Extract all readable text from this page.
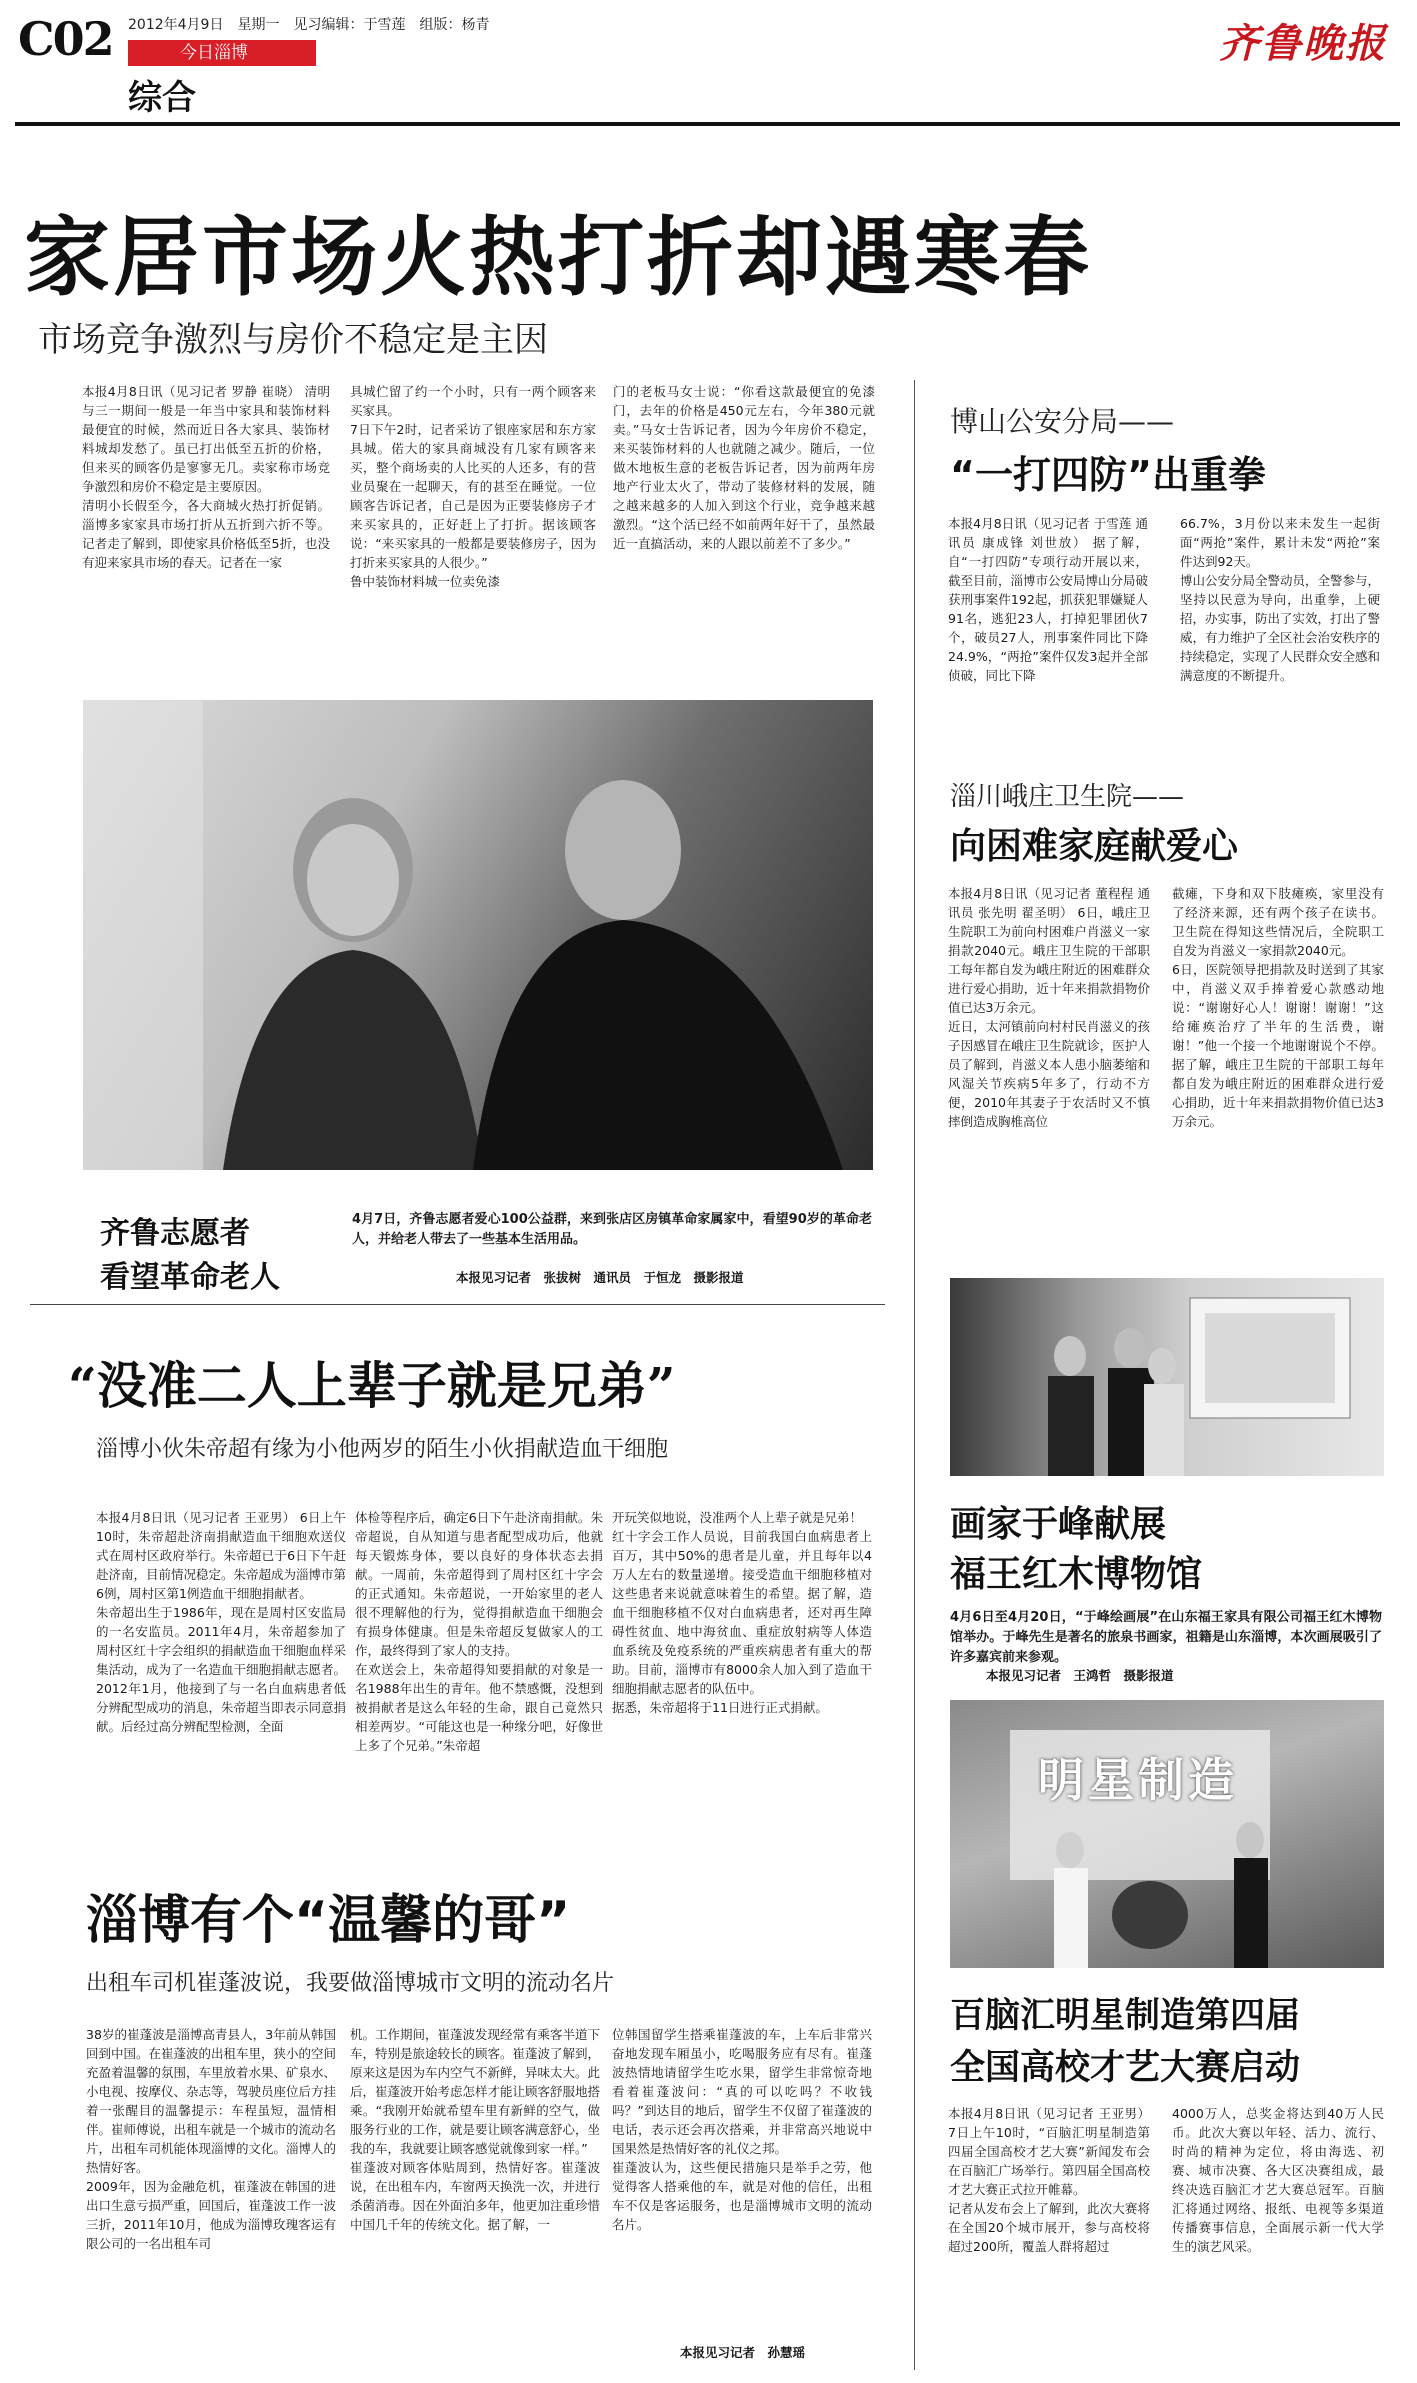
C02 2012年4月9日　星期一　见习编辑：于雪莲　组版：杨青
今日淄博
综合
齐鲁晚报
家居市场火热打折却遇寒春
市场竞争激烈与房价不稳定是主因

本报4月8日讯（见习记者 罗静 崔晓） 清明与三一期间一般是一年当中家具和装饰材料最便宜的时候，然而近日各大家具、装饰材料城却发愁了。虽已打出低至五折的价格，但来买的顾客仍是寥寥无几。卖家称市场竞争激烈和房价不稳定是主要原因。
清明小长假至今，各大商城火热打折促销。淄博多家家具市场打折从五折到六折不等。记者走了解到，即使家具价格低至5折，也没有迎来家具市场的春天。记者在一家

具城伫留了约一个小时，只有一两个顾客来买家具。
7日下午2时，记者采访了银座家居和东方家具城。偌大的家具商城没有几家有顾客来买，整个商场卖的人比买的人还多，有的营业员聚在一起聊天，有的甚至在睡觉。一位顾客告诉记者，自己是因为正要装修房子才来买家具的，正好赶上了打折。据该顾客说：“来买家具的一般都是要装修房子，因为打折来买家具的人很少。”
鲁中装饰材料城一位卖免漆

门的老板马女士说：“你看这款最便宜的免漆门，去年的价格是450元左右，今年380元就卖。”马女士告诉记者，因为今年房价不稳定，来买装饰材料的人也就随之减少。随后，一位做木地板生意的老板告诉记者，因为前两年房地产行业太火了，带动了装修材料的发展，随之越来越多的人加入到这个行业，竞争越来越激烈。“这个活已经不如前两年好干了，虽然最近一直搞活动，来的人跟以前差不了多少。”

齐鲁志愿者
看望革命老人
4月7日，齐鲁志愿者爱心100公益群，来到张店区房镇革命家属家中，看望90岁的革命老人，并给老人带去了一些基本生活用品。
本报见习记者　张拔树　通讯员　于恒龙　摄影报道
“没准二人上辈子就是兄弟”
淄博小伙朱帝超有缘为小他两岁的陌生小伙捐献造血干细胞

本报4月8日讯（见习记者 王亚男） 6日上午10时，朱帝超赴济南捐献造血干细胞欢送仪式在周村区政府举行。朱帝超已于6日下午赶赴济南，目前情况稳定。朱帝超成为淄博市第6例，周村区第1例造血干细胞捐献者。
朱帝超出生于1986年，现在是周村区安监局的一名安监员。2011年4月，朱帝超参加了周村区红十字会组织的捐献造血干细胞血样采集活动，成为了一名造血干细胞捐献志愿者。2012年1月，他接到了与一名白血病患者低分辨配型成功的消息，朱帝超当即表示同意捐献。后经过高分辨配型检测，全面

体检等程序后，确定6日下午赴济南捐献。朱帝超说，自从知道与患者配型成功后，他就每天锻炼身体，要以良好的身体状态去捐献。一周前，朱帝超得到了周村区红十字会的正式通知。朱帝超说，一开始家里的老人很不理解他的行为，觉得捐献造血干细胞会有损身体健康。但是朱帝超反复做家人的工作，最终得到了家人的支持。
在欢送会上，朱帝超得知要捐献的对象是一名1988年出生的青年。他不禁感慨，没想到被捐献者是这么年轻的生命，跟自己竟然只相差两岁。“可能这也是一种缘分吧，好像世上多了个兄弟。”朱帝超

开玩笑似地说，没准两个人上辈子就是兄弟！
红十字会工作人员说，目前我国白血病患者上百万，其中50%的患者是儿童，并且每年以4万人左右的数量递增。接受造血干细胞移植对这些患者来说就意味着生的希望。据了解，造血干细胞移植不仅对白血病患者，还对再生障碍性贫血、地中海贫血、重症放射病等人体造血系统及免疫系统的严重疾病患者有重大的帮助。目前，淄博市有8000余人加入到了造血干细胞捐献志愿者的队伍中。
据悉，朱帝超将于11日进行正式捐献。

淄博有个“温馨的哥”
出租车司机崔蓬波说，我要做淄博城市文明的流动名片

38岁的崔蓬波是淄博高青县人，3年前从韩国回到中国。在崔蓬波的出租车里，狭小的空间充盈着温馨的氛围，车里放着水果、矿泉水、小电视、按摩仪、杂志等，驾驶员座位后方挂着一张醒目的温馨提示：车程虽短，温情相伴。崔师傅说，出租车就是一个城市的流动名片，出租车司机能体现淄博的文化。淄博人的热情好客。
2009年，因为金融危机，崔蓬波在韩国的进出口生意亏损严重，回国后，崔蓬波工作一波三折，2011年10月，他成为淄博玫瑰客运有限公司的一名出租车司

机。工作期间，崔蓬波发现经常有乘客半道下车，特别是旅途较长的顾客。崔蓬波了解到，原来这是因为车内空气不新鲜，异味太大。此后，崔蓬波开始考虑怎样才能让顾客舒服地搭乘。“我刚开始就希望车里有新鲜的空气，做服务行业的工作，就是要让顾客满意舒心，坐我的车，我就要让顾客感觉就像到家一样。”
崔蓬波对顾客体贴周到，热情好客。崔蓬波说，在出租车内，车窗两天换洗一次，并进行杀菌消毒。因在外面泊多年，他更加注重珍惜中国几千年的传统文化。据了解，一

位韩国留学生搭乘崔蓬波的车，上车后非常兴奋地发现车厢虽小，吃喝服务应有尽有。崔蓬波热情地请留学生吃水果，留学生非常惊奇地看着崔蓬波问：“真的可以吃吗？不收钱吗？”到达目的地后，留学生不仅留了崔蓬波的电话，表示还会再次搭乘，并非常高兴地说中国果然是热情好客的礼仪之邦。
崔蓬波认为，这些便民措施只是举手之劳，他觉得客人搭乘他的车，就是对他的信任，出租车不仅是客运服务，也是淄博城市文明的流动名片。

本报见习记者　孙慧瑶
博山公安分局——
“一打四防”出重拳

本报4月8日讯（见习记者 于雪莲 通讯员 康成锋 刘世放） 据了解，自“一打四防”专项行动开展以来，截至目前，淄博市公安局博山分局破获刑事案件192起，抓获犯罪嫌疑人91名，逃犯23人，打掉犯罪团伙7个，破员27人，刑事案件同比下降24.9%，“两抢”案件仅发3起并全部侦破，同比下降

66.7%，3月份以来未发生一起街面“两抢”案件，累计未发“两抢”案件达到92天。
博山公安分局全警动员，全警参与，坚持以民意为导向，出重拳，上硬招，办实事，防出了实效，打出了警威，有力维护了全区社会治安秩序的持续稳定，实现了人民群众安全感和满意度的不断提升。

淄川峨庄卫生院——
向困难家庭献爱心

本报4月8日讯（见习记者 董程程 通讯员 张先明 翟圣明） 6日，峨庄卫生院职工为前向村困难户肖滋义一家捐款2040元。峨庄卫生院的干部职工每年都自发为峨庄附近的困难群众进行爱心捐助，近十年来捐款捐物价值已达3万余元。
近日，太河镇前向村村民肖滋义的孩子因感冒在峨庄卫生院就诊，医护人员了解到，肖滋义本人患小脑萎缩和风湿关节疾病5年多了，行动不方便，2010年其妻子于农活时又不慎摔倒造成胸椎高位

截瘫，下身和双下肢瘫痪，家里没有了经济来源，还有两个孩子在读书。卫生院在得知这些情况后，全院职工自发为肖滋义一家捐款2040元。
6日，医院领导把捐款及时送到了其家中，肖滋义双手捧着爱心款感动地说：“谢谢好心人！谢谢！谢谢！”这给瘫痪治疗了半年的生活费，谢谢！”他一个接一个地谢谢说个不停。据了解，峨庄卫生院的干部职工每年都自发为峨庄附近的困难群众进行爱心捐助，近十年来捐款捐物价值已达3万余元。

画家于峰献展
福王红木博物馆
4月6日至4月20日，“于峰绘画展”在山东福王家具有限公司福王红木博物馆举办。于峰先生是著名的旅泉书画家，祖籍是山东淄博，本次画展吸引了许多嘉宾前来参观。
本报见习记者　王鸿哲　摄影报道
明星制造
百脑汇明星制造第四届
全国高校才艺大赛启动

本报4月8日讯（见习记者 王亚男） 7日上午10时，“百脑汇明星制造第四届全国高校才艺大赛”新闻发布会在百脑汇广场举行。第四届全国高校才艺大赛正式拉开帷幕。
记者从发布会上了解到，此次大赛将在全国20个城市展开，参与高校将超过200所，覆盖人群将超过

4000万人，总奖金将达到40万人民币。此次大赛以年轻、活力、流行、时尚的精神为定位，将由海选、初赛、城市决赛、各大区决赛组成，最终决选百脑汇才艺大赛总冠军。百脑汇将通过网络、报纸、电视等多渠道传播赛事信息，全面展示新一代大学生的演艺风采。
